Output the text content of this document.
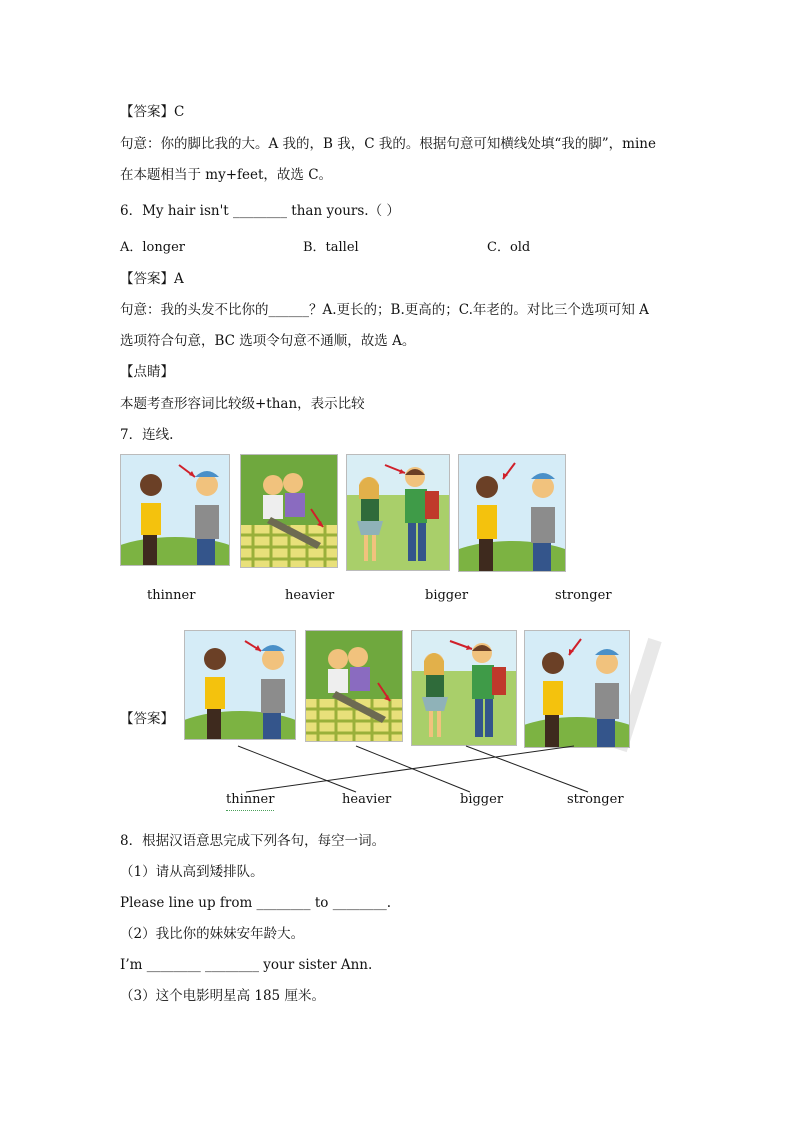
【答案】C
句意：你的脚比我的大。A 我的，B 我，C 我的。根据句意可知横线处填“我的脚”，mine
在本题相当于 my+feet，故选 C。
6．My hair isn't ________ than yours.（ ）
A．longer	B．tallel	C．old
【答案】A
句意：我的头发不比你的______？A.更长的；B.更高的；C.年老的。对比三个选项可知 A
选项符合句意，BC 选项令句意不通顺，故选 A。
【点睛】
本题考查形容词比较级+than，表示比较
7．连线.
thinner	heavier	bigger	stronger
【答案】
thinner	heavier	bigger	stronger
8．根据汉语意思完成下列各句，每空一词。
（1）请从高到矮排队。
Please line up from ________ to ________.
（2）我比你的妹妹安年龄大。
I’m ________ ________ your sister Ann.
（3）这个电影明星高 185 厘米。
